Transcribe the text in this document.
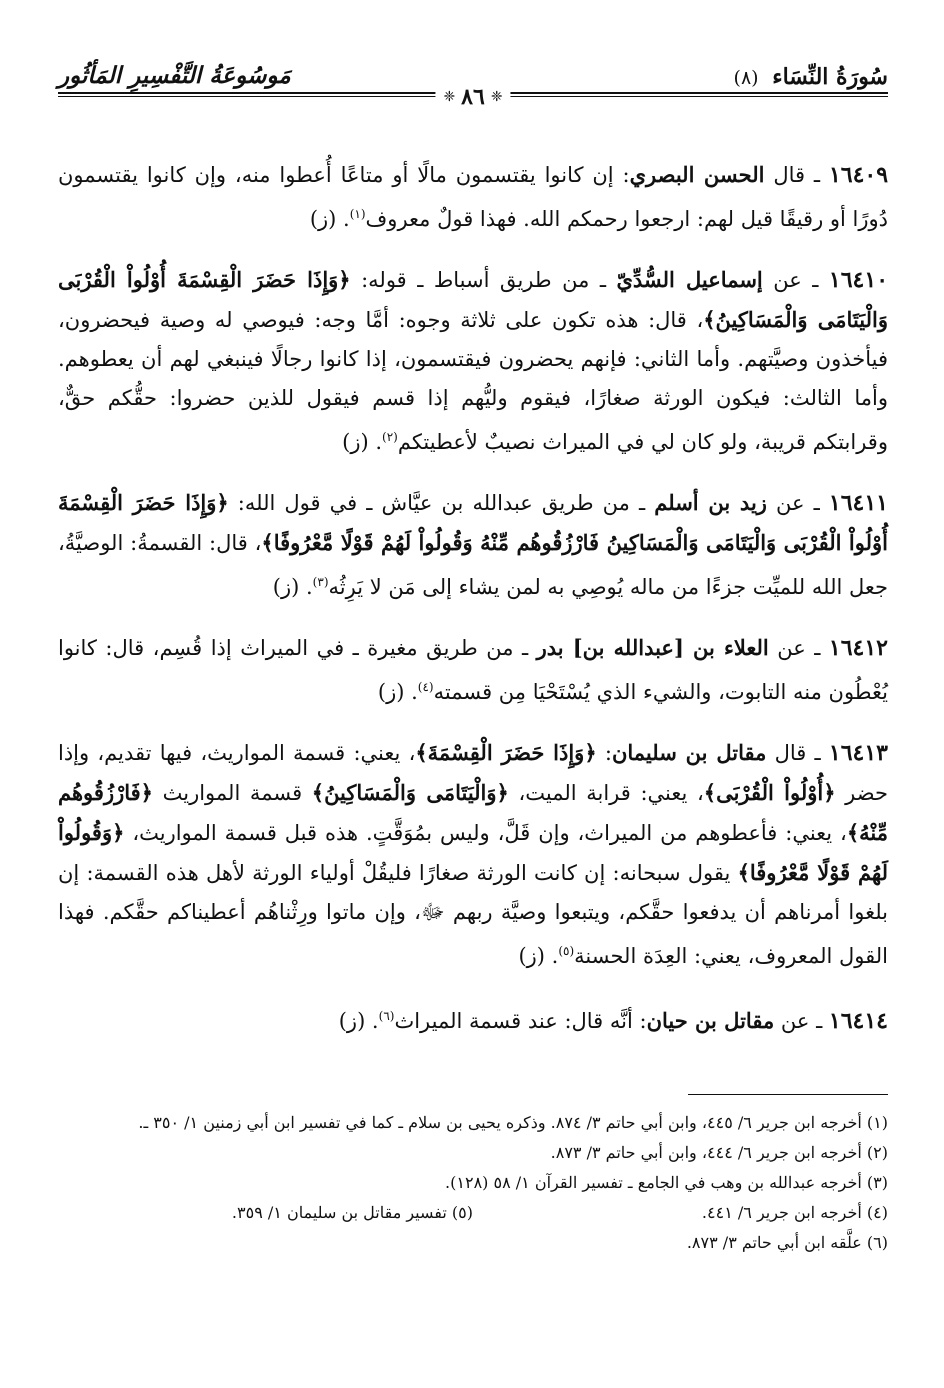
سُورَةُ النِّسَاء (٨)
مَوسُوعَةُ التَّفْسِيرِ المَأثُور
❈
٨٦
❈

١٦٤٠٩ ـ قال الحسن البصري: إن كانوا يقتسمون مالًا أو متاعًا أُعطوا منه، وإن كانوا يقتسمون دُورًا أو رقيقًا قيل لهم: ارجعوا رحمكم الله. فهذا قولٌ معروف$^{(١)}$. (ز)

١٦٤١٠ ـ عن إسماعيل السُّدِّيّ ـ من طريق أسباط ـ قوله: ﴿وَإِذَا حَضَرَ الْقِسْمَةَ أُوْلُواْ الْقُرْبَى وَالْيَتَامَى وَالْمَسَاكِينُ﴾، قال: هذه تكون على ثلاثة وجوه: أمَّا وجه: فيوصي له وصية فيحضرون، فيأخذون وصيَّتهم. وأما الثاني: فإنهم يحضرون فيقتسمون، إذا كانوا رجالًا فينبغي لهم أن يعطوهم. وأما الثالث: فيكون الورثة صغارًا، فيقوم وليُّهم إذا قسم فيقول للذين حضروا: حقُّكم حقٌّ، وقرابتكم قريبة، ولو كان لي في الميراث نصيبٌ لأعطيتكم$^{(٢)}$. (ز)

١٦٤١١ ـ عن زيد بن أسلم ـ من طريق عبدالله بن عيَّاش ـ في قول الله: ﴿وَإِذَا حَضَرَ الْقِسْمَةَ أُوْلُواْ الْقُرْبَى وَالْيَتَامَى وَالْمَسَاكِينُ فَارْزُقُوهُم مِّنْهُ وَقُولُواْ لَهُمْ قَوْلًا مَّعْرُوفًا﴾، قال: القسمةُ: الوصيَّةُ، جعل الله للميِّت جزءًا من ماله يُوصِي به لمن يشاء إلى مَن لا يَرِثُه$^{(٣)}$. (ز)

١٦٤١٢ ـ عن العلاء بن [عبدالله بن] بدر ـ من طريق مغيرة ـ في الميراث إذا قُسِم، قال: كانوا يُعْطُون منه التابوت، والشيء الذي يُسْتَحْيَا مِن قسمته$^{(٤)}$. (ز)

١٦٤١٣ ـ قال مقاتل بن سليمان: ﴿وَإِذَا حَضَرَ الْقِسْمَةَ﴾، يعني: قسمة المواريث، فيها تقديم، وإذا حضر ﴿أُوْلُواْ الْقُرْبَى﴾، يعني: قرابة الميت، ﴿وَالْيَتَامَى وَالْمَسَاكِينُ﴾ قسمة المواريث ﴿فَارْزُقُوهُم مِّنْهُ﴾، يعني: فأعطوهم من الميراث، وإن قَلَّ، وليس بمُوَقَّتٍ. هذه قبل قسمة المواريث، ﴿وَقُولُواْ لَهُمْ قَوْلًا مَّعْرُوفًا﴾ يقول سبحانه: إن كانت الورثة صغارًا فليقُلْ أولياء الورثة لأهل هذه القسمة: إن بلغوا أمرناهم أن يدفعوا حقَّكم، ويتبعوا وصيَّة ربهم ﷻ، وإن ماتوا ورِثْناهُم أعطيناكم حقَّكم. فهذا القول المعروف، يعني: العِدَة الحسنة$^{(٥)}$. (ز)

١٦٤١٤ ـ عن مقاتل بن حيان: أنَّه قال: عند قسمة الميراث$^{(٦)}$. (ز)

(١) أخرجه ابن جرير ٦/ ٤٤٥، وابن أبي حاتم ٣/ ٨٧٤. وذكره يحيى بن سلام ـ كما في تفسير ابن أبي زمنين ١/ ٣٥٠ ـ.
(٢) أخرجه ابن جرير ٦/ ٤٤٤، وابن أبي حاتم ٣/ ٨٧٣.
(٣) أخرجه عبدالله بن وهب في الجامع ـ تفسير القرآن ١/ ٥٨ (١٢٨).
(٤) أخرجه ابن جرير ٦/ ٤٤١.
(٥) تفسير مقاتل بن سليمان ١/ ٣٥٩.
(٦) علَّقه ابن أبي حاتم ٣/ ٨٧٣.
